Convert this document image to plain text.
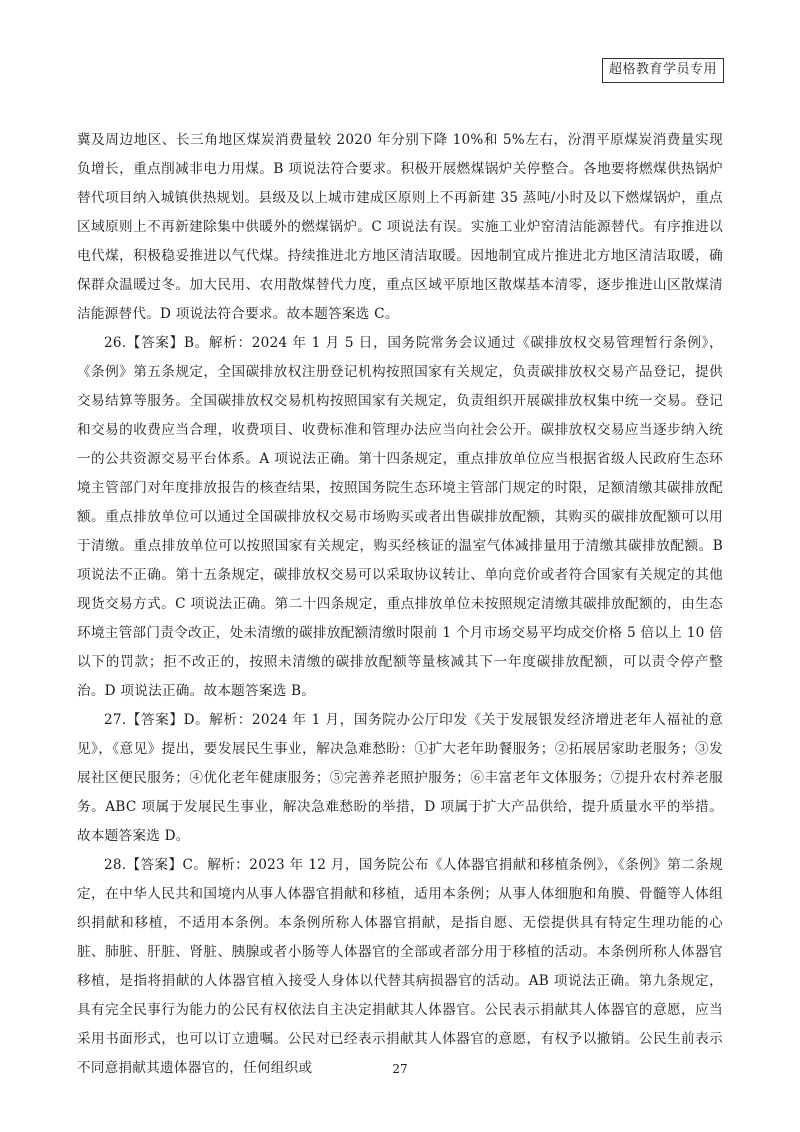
超格教育学员专用

冀及周边地区、长三角地区煤炭消费量较 2020 年分别下降 10%和 5%左右，汾渭平原煤炭消费量实现负增长，重点削减非电力用煤。B 项说法符合要求。积极开展燃煤锅炉关停整合。各地要将燃煤供热锅炉替代项目纳入城镇供热规划。县级及以上城市建成区原则上不再新建 35 蒸吨/小时及以下燃煤锅炉，重点区域原则上不再新建除集中供暖外的燃煤锅炉。C 项说法有误。实施工业炉窑清洁能源替代。有序推进以电代煤，积极稳妥推进以气代煤。持续推进北方地区清洁取暖。因地制宜成片推进北方地区清洁取暖，确保群众温暖过冬。加大民用、农用散煤替代力度，重点区域平原地区散煤基本清零，逐步推进山区散煤清洁能源替代。D 项说法符合要求。故本题答案选 C。

26.【答案】B。解析：2024 年 1 月 5 日，国务院常务会议通过《碳排放权交易管理暂行条例》，《条例》第五条规定，全国碳排放权注册登记机构按照国家有关规定，负责碳排放权交易产品登记，提供交易结算等服务。全国碳排放权交易机构按照国家有关规定，负责组织开展碳排放权集中统一交易。登记和交易的收费应当合理，收费项目、收费标准和管理办法应当向社会公开。碳排放权交易应当逐步纳入统一的公共资源交易平台体系。A 项说法正确。第十四条规定，重点排放单位应当根据省级人民政府生态环境主管部门对年度排放报告的核查结果，按照国务院生态环境主管部门规定的时限，足额清缴其碳排放配额。重点排放单位可以通过全国碳排放权交易市场购买或者出售碳排放配额，其购买的碳排放配额可以用于清缴。重点排放单位可以按照国家有关规定，购买经核证的温室气体减排量用于清缴其碳排放配额。B 项说法不正确。第十五条规定，碳排放权交易可以采取协议转让、单向竞价或者符合国家有关规定的其他现货交易方式。C 项说法正确。第二十四条规定，重点排放单位未按照规定清缴其碳排放配额的，由生态环境主管部门责令改正，处未清缴的碳排放配额清缴时限前 1 个月市场交易平均成交价格 5 倍以上 10 倍以下的罚款；拒不改正的，按照未清缴的碳排放配额等量核减其下一年度碳排放配额，可以责令停产整治。D 项说法正确。故本题答案选 B。

27.【答案】D。解析：2024 年 1 月，国务院办公厅印发《关于发展银发经济增进老年人福祉的意见》，《意见》提出，要发展民生事业，解决急难愁盼：①扩大老年助餐服务；②拓展居家助老服务；③发展社区便民服务；④优化老年健康服务；⑤完善养老照护服务；⑥丰富老年文体服务；⑦提升农村养老服务。ABC 项属于发展民生事业，解决急难愁盼的举措，D 项属于扩大产品供给，提升质量水平的举措。故本题答案选 D。

28.【答案】C。解析：2023 年 12 月，国务院公布《人体器官捐献和移植条例》，《条例》第二条规定，在中华人民共和国境内从事人体器官捐献和移植，适用本条例；从事人体细胞和角膜、骨髓等人体组织捐献和移植，不适用本条例。本条例所称人体器官捐献，是指自愿、无偿提供具有特定生理功能的心脏、肺脏、肝脏、肾脏、胰腺或者小肠等人体器官的全部或者部分用于移植的活动。本条例所称人体器官移植，是指将捐献的人体器官植入接受人身体以代替其病损器官的活动。AB 项说法正确。第九条规定，具有完全民事行为能力的公民有权依法自主决定捐献其人体器官。公民表示捐献其人体器官的意愿，应当采用书面形式，也可以订立遗嘱。公民对已经表示捐献其人体器官的意愿，有权予以撤销。公民生前表示不同意捐献其遗体器官的，任何组织或	27
